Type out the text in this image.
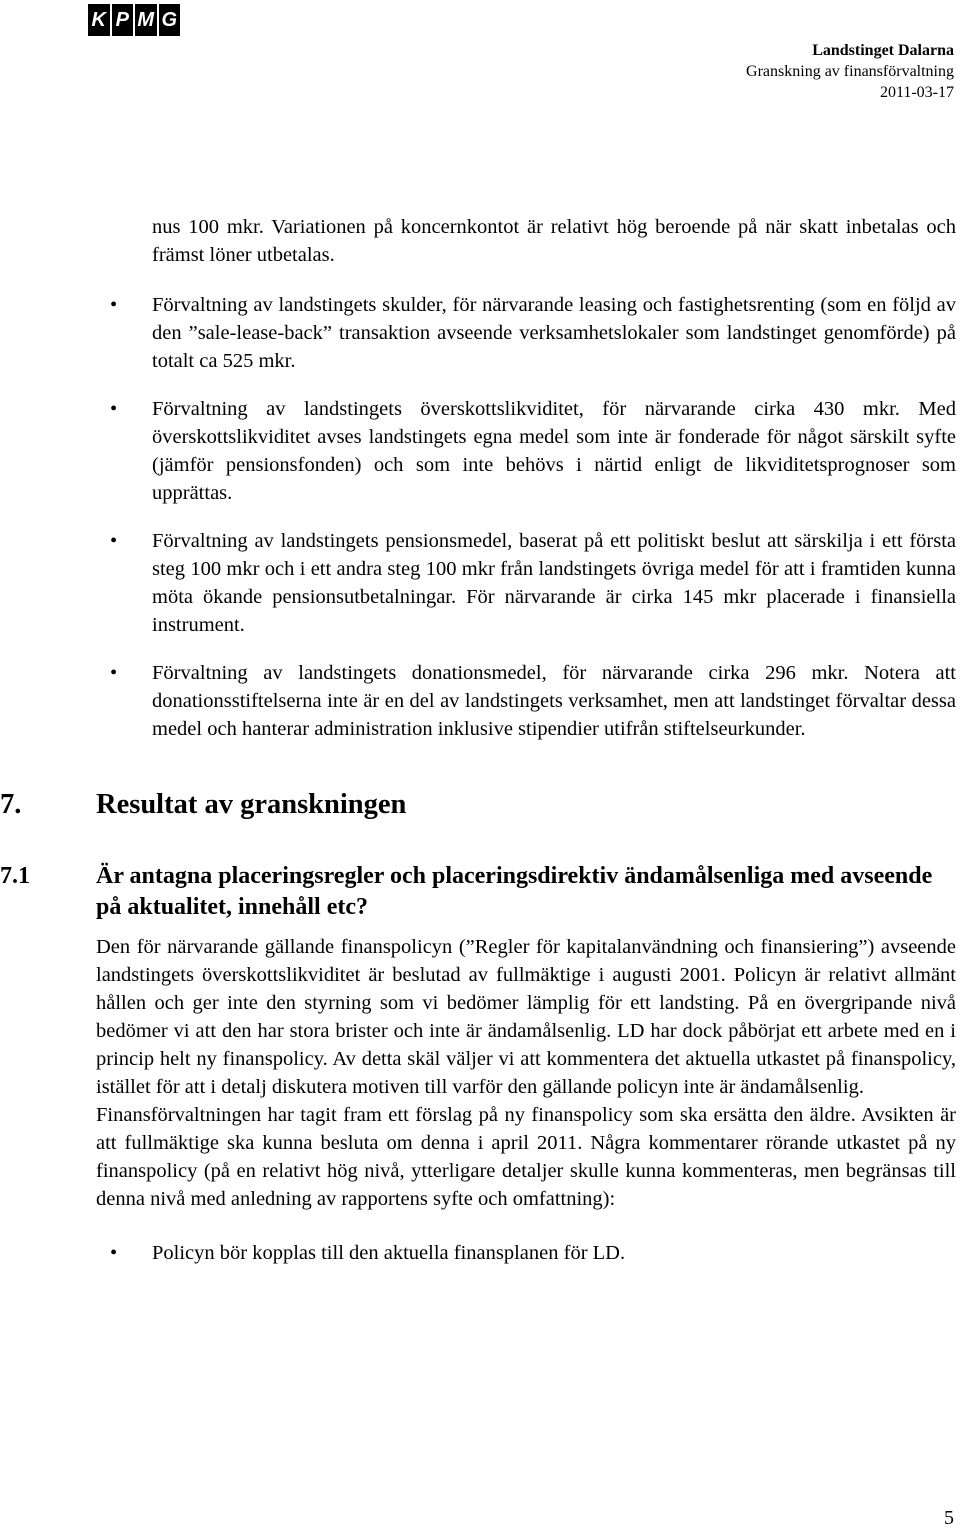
K P M G
Landstinget Dalarna
Granskning av finansförvaltning
2011-03-17

nus 100 mkr. Variationen på koncernkontot är relativt hög beroende på när skatt inbetalas och främst löner utbetalas.

• Förvaltning av landstingets skulder, för närvarande leasing och fastighetsrenting (som en följd av den ”sale-lease-back” transaktion avseende verksamhetslokaler som landstinget genomförde) på totalt ca 525 mkr.
• Förvaltning av landstingets överskottslikviditet, för närvarande cirka 430 mkr. Med överskottslikviditet avses landstingets egna medel som inte är fonderade för något särskilt syfte (jämför pensionsfonden) och som inte behövs i närtid enligt de likviditetsprognoser som upprättas.
• Förvaltning av landstingets pensionsmedel, baserat på ett politiskt beslut att särskilja i ett första steg 100 mkr och i ett andra steg 100 mkr från landstingets övriga medel för att i framtiden kunna möta ökande pensionsutbetalningar. För närvarande är cirka 145 mkr placerade i finansiella instrument.
• Förvaltning av landstingets donationsmedel, för närvarande cirka 296 mkr. Notera att donationsstiftelserna inte är en del av landstingets verksamhet, men att landstinget förvaltar dessa medel och hanterar administration inklusive stipendier utifrån stiftelseurkunder.
7.	Resultat av granskningen
7.1	Är antagna placeringsregler och placeringsdirektiv ändamålsenliga med avseende på aktualitet, innehåll etc?

Den för närvarande gällande finanspolicyn (”Regler för kapitalanvändning och finansiering”) avseende landstingets överskottslikviditet är beslutad av fullmäktige i augusti 2001. Policyn är relativt allmänt hållen och ger inte den styrning som vi bedömer lämplig för ett landsting. På en övergripande nivå bedömer vi att den har stora brister och inte är ändamålsenlig. LD har dock påbörjat ett arbete med en i princip helt ny finanspolicy. Av detta skäl väljer vi att kommentera det aktuella utkastet på finanspolicy, istället för att i detalj diskutera motiven till varför den gällande policyn inte är ändamålsenlig.

Finansförvaltningen har tagit fram ett förslag på ny finanspolicy som ska ersätta den äldre. Avsikten är att fullmäktige ska kunna besluta om denna i april 2011. Några kommentarer rörande utkastet på ny finanspolicy (på en relativt hög nivå, ytterligare detaljer skulle kunna kommenteras, men begränsas till denna nivå med anledning av rapportens syfte och omfattning):

• Policyn bör kopplas till den aktuella finansplanen för LD.
5
